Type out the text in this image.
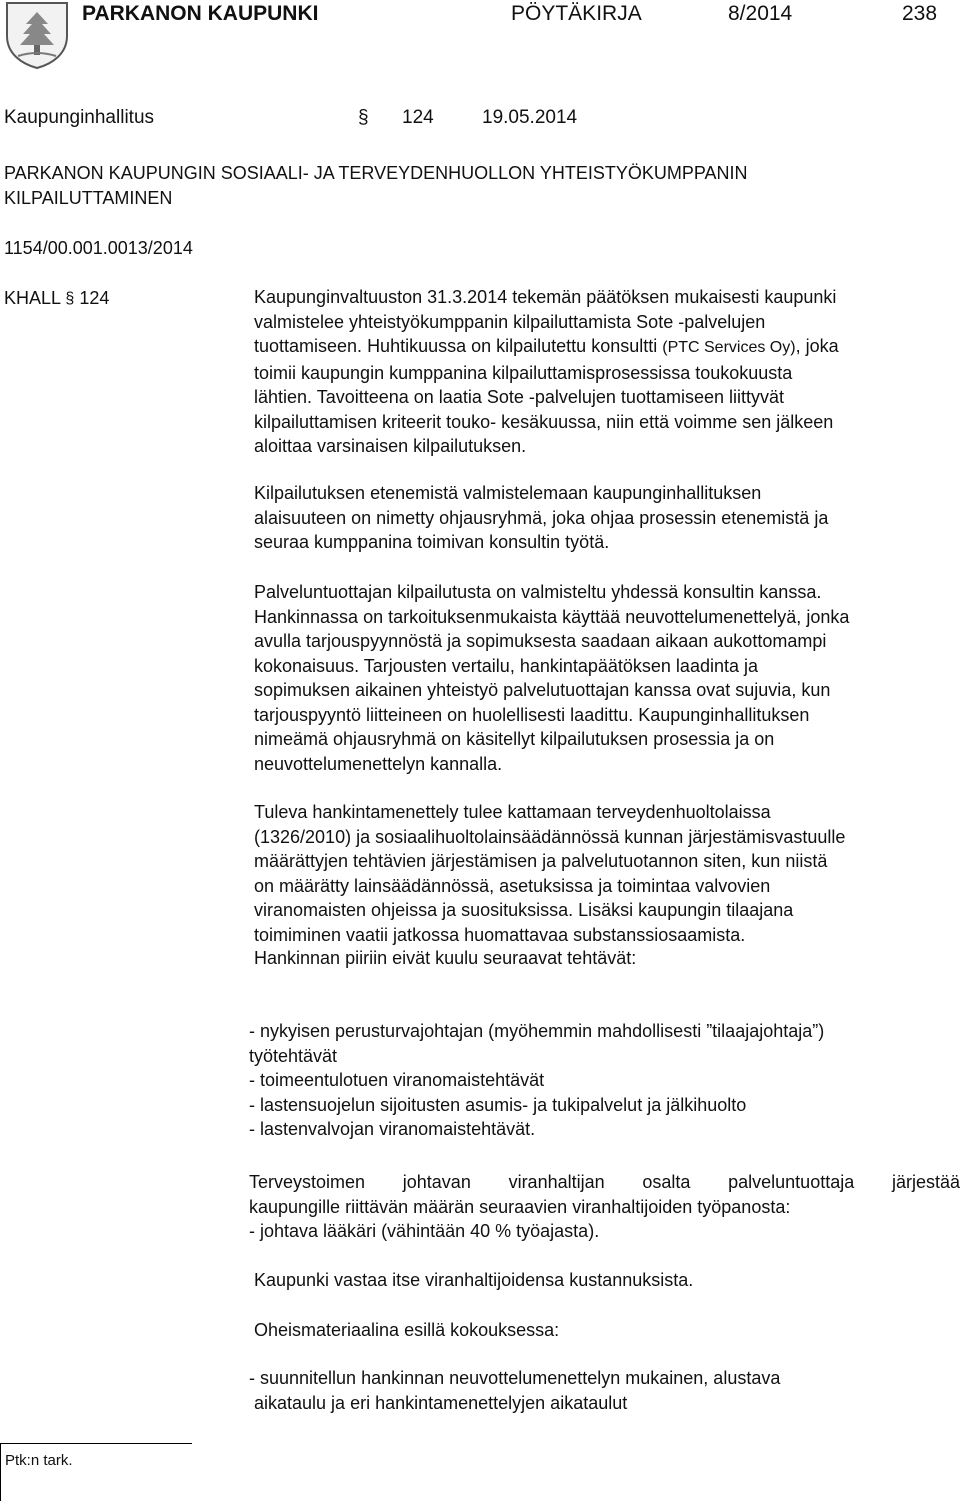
PARKANON KAUPUNKI	PÖYTÄKIRJA	8/2014	238
Kaupunginhallitus	§ 124	19.05.2014
PARKANON KAUPUNGIN SOSIAALI- JA TERVEYDENHUOLLON YHTEISTYÖKUMPPANIN
KILPAILUTTAMINEN
1154/00.001.0013/2014
KHALL § 124	Kaupunginvaltuuston 31.3.2014 tekemän päätöksen mukaisesti kaupunki
valmistelee yhteistyökumppanin kilpailuttamista Sote -palvelujen
tuottamiseen. Huhtikuussa on kilpailutettu konsultti (PTC Services Oy), joka
toimii kaupungin kumppanina kilpailuttamisprosessissa toukokuusta
lähtien. Tavoitteena on laatia Sote -palvelujen tuottamiseen liittyvät
kilpailuttamisen kriteerit touko- kesäkuussa, niin että voimme sen jälkeen
aloittaa varsinaisen kilpailutuksen.
Kilpailutuksen etenemistä valmistelemaan kaupunginhallituksen
alaisuuteen on nimetty ohjausryhmä, joka ohjaa prosessin etenemistä ja
seuraa kumppanina toimivan konsultin työtä.
Palveluntuottajan kilpailutusta on valmisteltu yhdessä konsultin kanssa.
Hankinnassa on tarkoituksenmukaista käyttää neuvottelumenettelyä, jonka
avulla tarjouspyynnöstä ja sopimuksesta saadaan aikaan aukottomampi
kokonaisuus. Tarjousten vertailu, hankintapäätöksen laadinta ja
sopimuksen aikainen yhteistyö palvelutuottajan kanssa ovat sujuvia, kun
tarjouspyyntö liitteineen on huolellisesti laadittu. Kaupunginhallituksen
nimeämä ohjausryhmä on käsitellyt kilpailutuksen prosessia ja on
neuvottelumenettelyn kannalla.
Tuleva hankintamenettely tulee kattamaan terveydenhuoltolaissa
(1326/2010) ja sosiaalihuoltolainsäädännössä kunnan järjestämisvastuulle
määrättyjen tehtävien järjestämisen ja palvelutuotannon siten, kun niistä
on määrätty lainsäädännössä, asetuksissa ja toimintaa valvovien
viranomaisten ohjeissa ja suosituksissa. Lisäksi kaupungin tilaajana
toimiminen vaatii jatkossa huomattavaa substanssiosaamista.
Hankinnan piiriin eivät kuulu seuraavat tehtävät:
- nykyisen perusturvajohtajan (myöhemmin mahdollisesti ”tilaajajohtaja”)
työtehtävät
- toimeentulotuen viranomaistehtävät
- lastensuojelun sijoitusten asumis- ja tukipalvelut ja jälkihuolto
- lastenvalvojan viranomaistehtävät.
Terveystoimen johtavan viranhaltijan osalta palveluntuottaja järjestää
kaupungille riittävän määrän seuraavien viranhaltijoiden työpanosta:
- johtava lääkäri (vähintään 40 % työajasta).
Kaupunki vastaa itse viranhaltijoidensa kustannuksista.
Oheismateriaalina esillä kokouksessa:
- suunnitellun hankinnan neuvottelumenettelyn mukainen, alustava
aikataulu ja eri hankintamenettelyjen aikataulut
Ptk:n tark.
